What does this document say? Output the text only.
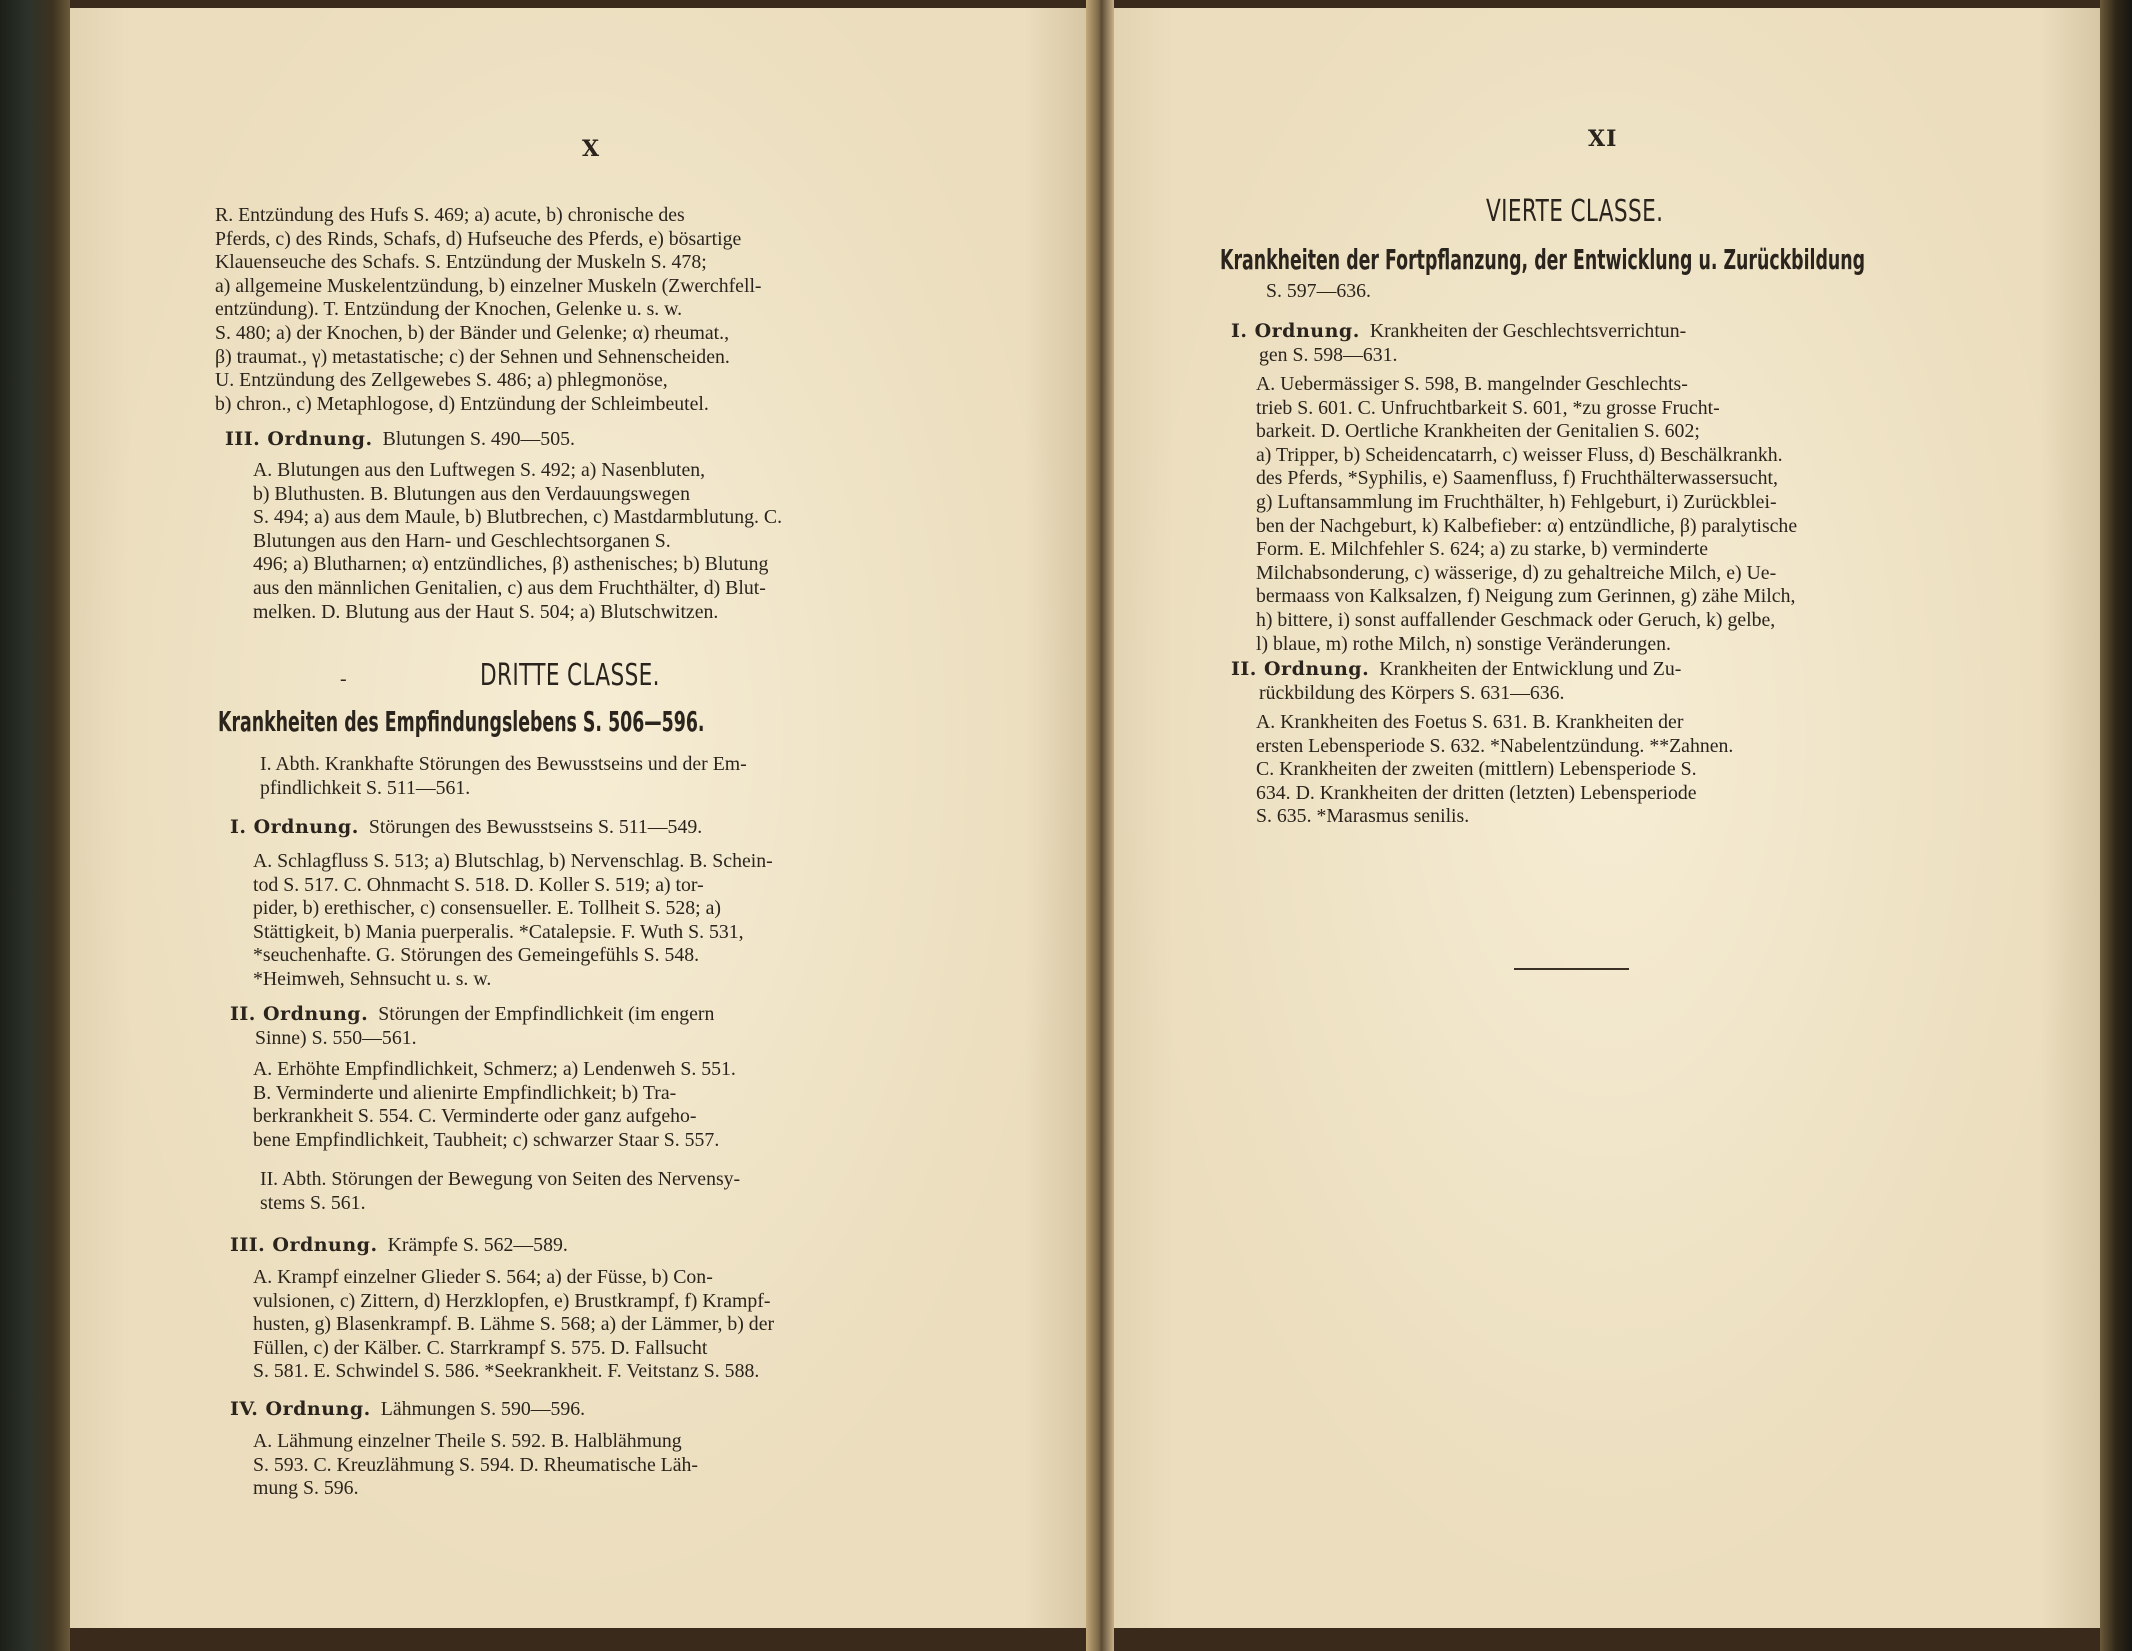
X

R. Entzündung des Hufs S. 469; a) acute, b) chronische des

Pferds, c) des Rinds, Schafs, d) Hufseuche des Pferds, e) bösartige

Klauenseuche des Schafs. S. Entzündung der Muskeln S. 478;

a) allgemeine Muskelentzündung, b) einzelner Muskeln (Zwerchfell-

entzündung). T. Entzündung der Knochen, Gelenke u. s. w.

S. 480; a) der Knochen, b) der Bänder und Gelenke; α) rheumat.,

β) traumat., γ) metastatische; c) der Sehnen und Sehnenscheiden.

U. Entzündung des Zellgewebes S. 486; a) phlegmonöse,

b) chron., c) Metaphlogose, d) Entzündung der Schleimbeutel.

III. Ordnung. Blutungen S. 490—505.

A. Blutungen aus den Luftwegen S. 492; a) Nasenbluten,

b) Bluthusten. B. Blutungen aus den Verdauungswegen

S. 494; a) aus dem Maule, b) Blutbrechen, c) Mastdarmblutung. C.

Blutungen aus den Harn- und Geschlechtsorganen S.

496; a) Blutharnen; α) entzündliches, β) asthenisches; b) Blutung

aus den männlichen Genitalien, c) aus dem Fruchthälter, d) Blut-

melken. D. Blutung aus der Haut S. 504; a) Blutschwitzen.

-	DRITTE CLASSE.
Krankheiten des Empfindungslebens S. 506—596.

I. Abth. Krankhafte Störungen des Bewusstseins und der Em-

pfindlichkeit S. 511—561.

I. Ordnung. Störungen des Bewusstseins S. 511—549.

A. Schlagfluss S. 513; a) Blutschlag, b) Nervenschlag. B. Schein-

tod S. 517. C. Ohnmacht S. 518. D. Koller S. 519; a) tor-

pider, b) erethischer, c) consensueller. E. Tollheit S. 528; a)

Stättigkeit, b) Mania puerperalis. *Catalepsie. F. Wuth S. 531,

*seuchenhafte. G. Störungen des Gemeingefühls S. 548.

*Heimweh, Sehnsucht u. s. w.

II. Ordnung. Störungen der Empfindlichkeit (im engern

Sinne) S. 550—561.

A. Erhöhte Empfindlichkeit, Schmerz; a) Lendenweh S. 551.

B. Verminderte und alienirte Empfindlichkeit; b) Tra-

berkrankheit S. 554. C. Verminderte oder ganz aufgeho-

bene Empfindlichkeit, Taubheit; c) schwarzer Staar S. 557.

II. Abth. Störungen der Bewegung von Seiten des Nervensy-

stems S. 561.

III. Ordnung. Krämpfe S. 562—589.

A. Krampf einzelner Glieder S. 564; a) der Füsse, b) Con-

vulsionen, c) Zittern, d) Herzklopfen, e) Brustkrampf, f) Krampf-

husten, g) Blasenkrampf. B. Lähme S. 568; a) der Lämmer, b) der

Füllen, c) der Kälber. C. Starrkrampf S. 575. D. Fallsucht

S. 581. E. Schwindel S. 586. *Seekrankheit. F. Veitstanz S. 588.

IV. Ordnung. Lähmungen S. 590—596.

A. Lähmung einzelner Theile S. 592. B. Halblähmung

S. 593. C. Kreuzlähmung S. 594. D. Rheumatische Läh-

mung S. 596.

XI
VIERTE CLASSE.
Krankheiten der Fortpflanzung, der Entwicklung u. Zurückbildung
S. 597—636.

I. Ordnung. Krankheiten der Geschlechtsverrichtun-

gen S. 598—631.

A. Uebermässiger S. 598, B. mangelnder Geschlechts-

trieb S. 601. C. Unfruchtbarkeit S. 601, *zu grosse Frucht-

barkeit. D. Oertliche Krankheiten der Genitalien S. 602;

a) Tripper, b) Scheidencatarrh, c) weisser Fluss, d) Beschälkrankh.

des Pferds, *Syphilis, e) Saamenfluss, f) Fruchthälterwassersucht,

g) Luftansammlung im Fruchthälter, h) Fehlgeburt, i) Zurückblei-

ben der Nachgeburt, k) Kalbefieber: α) entzündliche, β) paralytische

Form. E. Milchfehler S. 624; a) zu starke, b) verminderte

Milchabsonderung, c) wässerige, d) zu gehaltreiche Milch, e) Ue-

bermaass von Kalksalzen, f) Neigung zum Gerinnen, g) zähe Milch,

h) bittere, i) sonst auffallender Geschmack oder Geruch, k) gelbe,

l) blaue, m) rothe Milch, n) sonstige Veränderungen.

II. Ordnung. Krankheiten der Entwicklung und Zu-

rückbildung des Körpers S. 631—636.

A. Krankheiten des Foetus S. 631. B. Krankheiten der

ersten Lebensperiode S. 632. *Nabelentzündung. **Zahnen.

C. Krankheiten der zweiten (mittlern) Lebensperiode S.

634. D. Krankheiten der dritten (letzten) Lebensperiode

S. 635. *Marasmus senilis.
